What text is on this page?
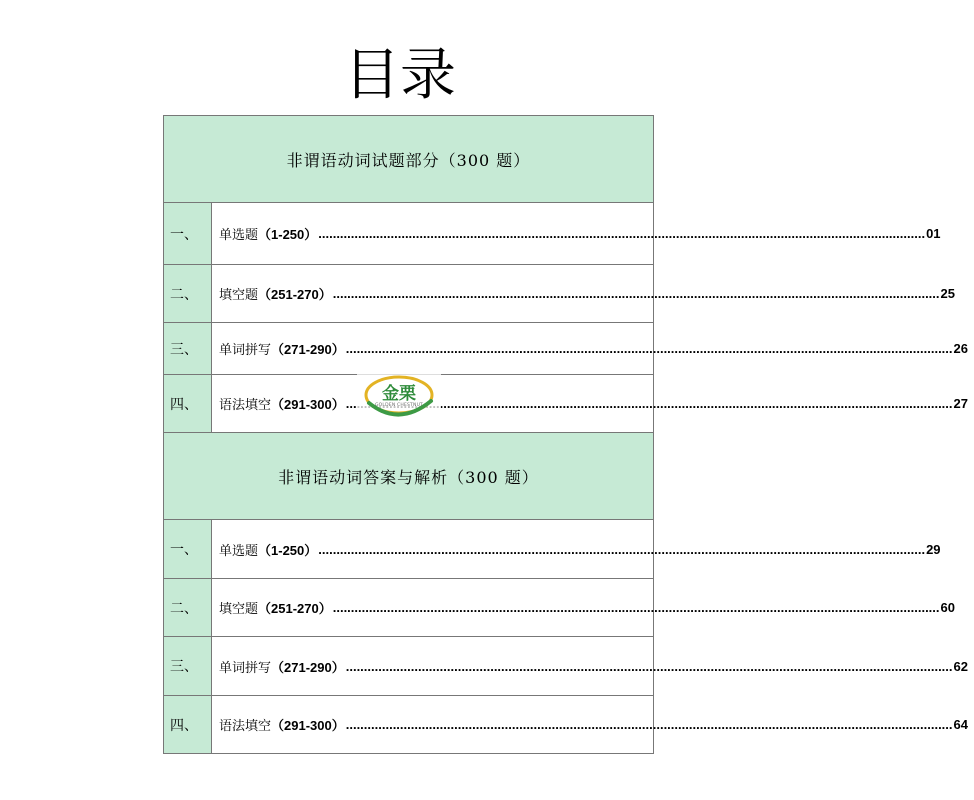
目录
非谓语动词试题部分（300 题）
一、	单选题 （1-250） .....	01
二、	填空题 （251-270） .....	25
三、	单词拼写 （271-290） .....	26
四、	语法填空 （291-300） .....	27
非谓语动词答案与解析（300 题）
一、	单选题 （1-250） .....	29
二、	填空题 （251-270） .....	60
三、	单词拼写 （271-290） .....	62
四、	语法填空 （291-300） .....	64
金栗
GOLDEN CHESTNUT
